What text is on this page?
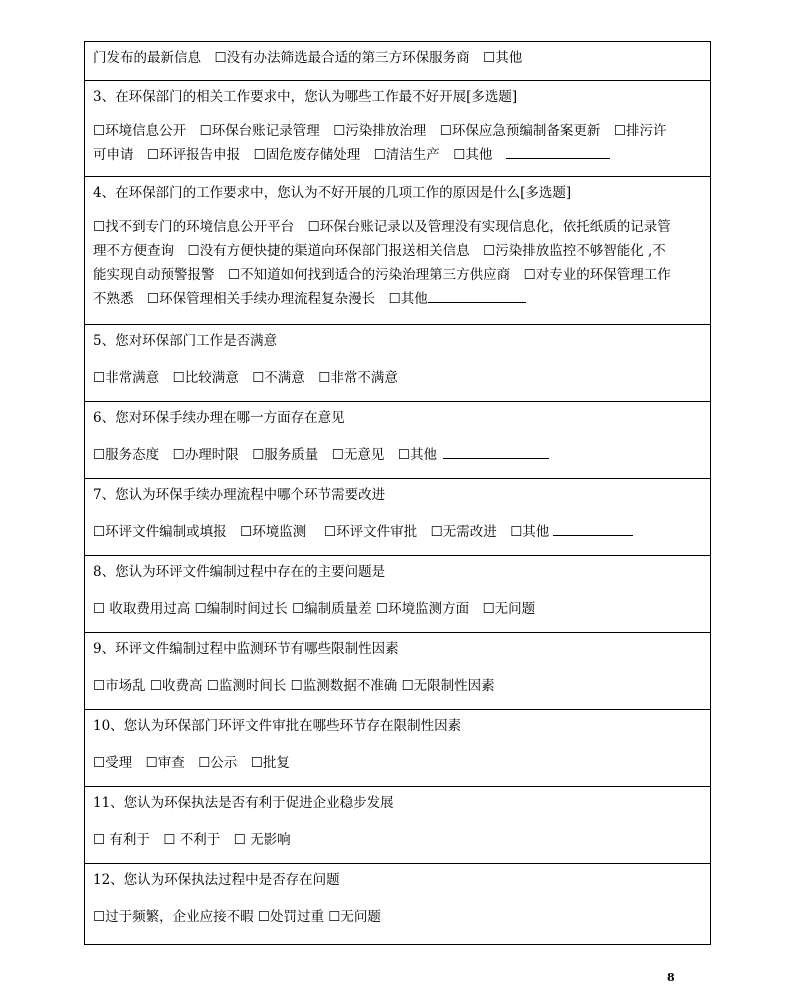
门发布的最新信息　☐没有办法筛选最合适的第三方环保服务商　☐其他
3、在环保部门的相关工作要求中，您认为哪些工作最不好开展[多选题]
☐环境信息公开　☐环保台账记录管理　☐污染排放治理　☐环保应急预编制备案更新　☐排污许
可申请　☐环评报告申报　☐固危废存储处理　☐清洁生产　☐其他
4、在环保部门的工作要求中，您认为不好开展的几项工作的原因是什么[多选题]
☐找不到专门的环境信息公开平台　☐环保台账记录以及管理没有实现信息化，依托纸质的记录管
理不方便查询　☐没有方便快捷的渠道向环保部门报送相关信息　☐污染排放监控不够智能化 ,不
能实现自动预警报警　☐不知道如何找到适合的污染治理第三方供应商　☐对专业的环保管理工作
不熟悉　☐环保管理相关手续办理流程复杂漫长　☐其他
5、您对环保部门工作是否满意
☐非常满意　☐比较满意　☐不满意　☐非常不满意
6、您对环保手续办理在哪一方面存在意见
☐服务态度　☐办理时限　☐服务质量　☐无意见　☐其他
7、您认为环保手续办理流程中哪个环节需要改进
☐环评文件编制或填报　☐环境监测　 ☐环评文件审批　☐无需改进　☐其他
8、您认为环评文件编制过程中存在的主要问题是
☐ 收取费用过高 ☐编制时间过长 ☐编制质量差 ☐环境监测方面　☐无问题
9、环评文件编制过程中监测环节有哪些限制性因素
☐市场乱 ☐收费高 ☐监测时间长 ☐监测数据不准确 ☐无限制性因素
10、您认为环保部门环评文件审批在哪些环节存在限制性因素
☐受理　☐审查　☐公示　☐批复
11、您认为环保执法是否有利于促进企业稳步发展
☐ 有利于　☐ 不利于　☐ 无影响
12、您认为环保执法过程中是否存在问题
☐过于频繁，企业应接不暇 ☐处罚过重 ☐无问题
8
